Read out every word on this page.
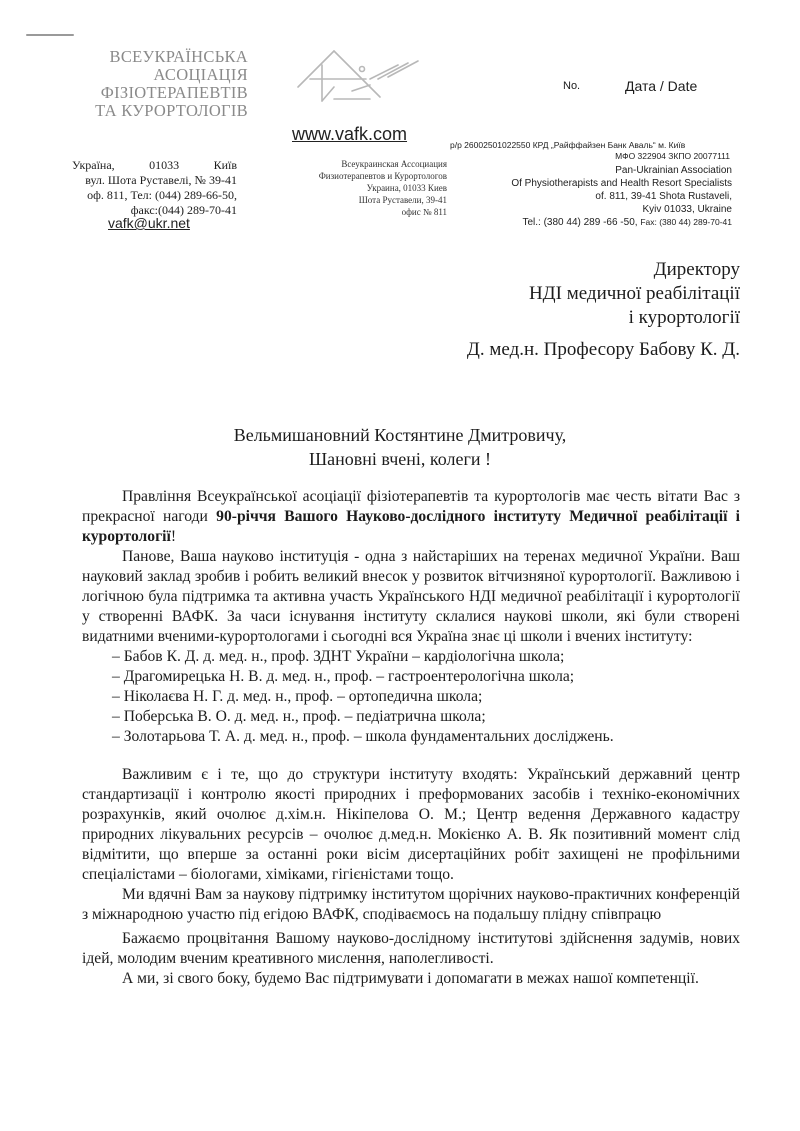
ВСЕУКРАЇНСЬКА
АСОЦІАЦІЯ
ФІЗІОТЕРАПЕВТІВ
ТА КУРОРТОЛОГІВ
www.vafk.com
Україна,	01033	Київ
вул. Шота Руставелі, № 39-41
оф. 811, Тел: (044) 289-66-50,
факс:(044) 289-70-41
vafk@ukr.net
Всеукраинская Ассоциация
Физиотерапевтов и Курортологов
Украина, 01033 Киев
Шота Руставели, 39-41
офис № 811
No.	Дата / Date
р/р 26002501022550 КРД „Райффайзен Банк Аваль“ м. Київ
МФО 322904 ЗКПО 20077111
Pan-Ukrainian Association
Of Physiotherapists and Health Resort Specialists
of. 811, 39-41 Shota Rustaveli,
Kyiv 01033, Ukraine
Tel.: (380 44) 289 -66 -50, Fax: (380 44) 289-70-41
Директору
НДІ медичної реабілітації
і курортології
Д. мед.н. Професору Бабову К. Д.
Вельмишановний Костянтине Дмитровичу,
Шановні вчені, колеги !

Правління Всеукраїнської асоціації фізіотерапевтів та курортологів має честь вітати Вас з прекрасної нагоди 90-річчя Вашого Науково-дослідного інституту Медичної реабілітації і курортології!

Панове, Ваша науково інституція - одна з найстаріших на теренах медичної України. Ваш науковий заклад зробив і робить великий внесок у розвиток вітчизняної курортології. Важливою і логічною була підтримка та активна участь Українського НДІ медичної реабілітації і курортології у створенні ВАФК. За часи існування інституту склалися наукові школи, які були створені видатними вченими-курортологами і сьогодні вся Україна знає ці школи і вчених інституту:

– Бабов К. Д. д. мед. н., проф. ЗДНТ України – кардіологічна школа;
– Драгомирецька Н. В. д. мед. н., проф. – гастроентерологічна школа;
– Ніколаєва Н. Г. д. мед. н., проф. – ортопедична школа;
– Поберська В. О. д. мед. н., проф. – педіатрична школа;
– Золотарьова Т. А. д. мед. н., проф. – школа фундаментальних досліджень.

Важливим є і те, що до структури інституту входять: Український державний центр стандартизації і контролю якості природних і преформованих засобів і техніко-економічних розрахунків, який очолює д.хім.н. Нікіпелова О. М.; Центр ведення Державного кадастру природних лікувальних ресурсів – очолює д.мед.н. Мокієнко А. В. Як позитивний момент слід відмітити, що вперше за останні роки вісім дисертаційних робіт захищені не профільними спеціалістами – біологами, хіміками, гігієністами тощо.

Ми вдячні Вам за наукову підтримку інститутом щорічних науково-практичних конференцій з міжнародною участю під егідою ВАФК, сподіваємось на подальшу плідну співпрацю

Бажаємо процвітання Вашому науково-дослідному інститутові здійснення задумів, нових ідей, молодим вченим креативного мислення, наполегливості.

А ми, зі свого боку, будемо Вас підтримувати і допомагати в межах нашої компетенції.
